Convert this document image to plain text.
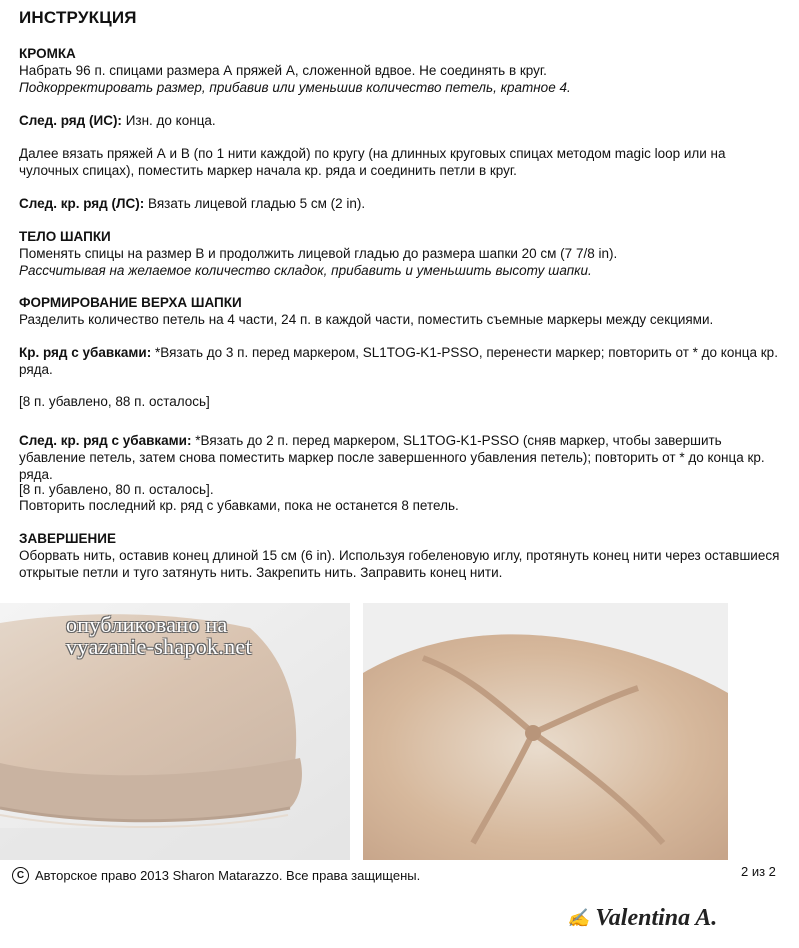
ИНСТРУКЦИЯ
КРОМКА
Набрать 96 п. спицами размера А пряжей А, сложенной вдвое. Не соединять в круг.
Подкорректировать размер, прибавив или уменьшив количество петель, кратное 4.
След. ряд (ИС): Изн. до конца.
Далее вязать пряжей А и В (по 1 нити каждой) по кругу (на длинных круговых спицах методом magic loop или на чулочных спицах), поместить маркер начала кр. ряда и соединить петли в круг.
След. кр. ряд (ЛС): Вязать лицевой гладью 5 см (2 in).
ТЕЛО ШАПКИ
Поменять спицы на размер В и продолжить лицевой гладью до размера шапки 20 см (7 7/8 in).
Рассчитывая на желаемое количество складок, прибавить и уменьшить высоту шапки.
ФОРМИРОВАНИЕ ВЕРХА ШАПКИ
Разделить количество петель на 4 части, 24 п. в каждой части, поместить съемные маркеры между секциями.
Кр. ряд с убавками: *Вязать до 3 п. перед маркером, SL1TOG-K1-PSSO, перенести маркер; повторить от * до конца кр. ряда.
[8 п. убавлено, 88 п. осталось]
След. кр. ряд с убавками: *Вязать до 2 п. перед маркером, SL1TOG-K1-PSSO (сняв маркер, чтобы завершить убавление петель, затем снова поместить маркер после завершенного убавления петель); повторить от * до конца кр. ряда.
[8 п. убавлено, 80 п. осталось].
Повторить последний кр. ряд с убавками, пока не останется 8 петель.
ЗАВЕРШЕНИЕ
Оборвать нить, оставив конец длиной 15 см (6 in). Используя гобеленовую иглу, протянуть конец нити через оставшиеся открытые петли и туго затянуть нить. Закрепить нить. Заправить конец нити.
опубликовано на
vyazanie-shapok.net
C Авторское право 2013 Sharon Matarazzo. Все права защищены.	2 из 2
✍ Valentina A.
